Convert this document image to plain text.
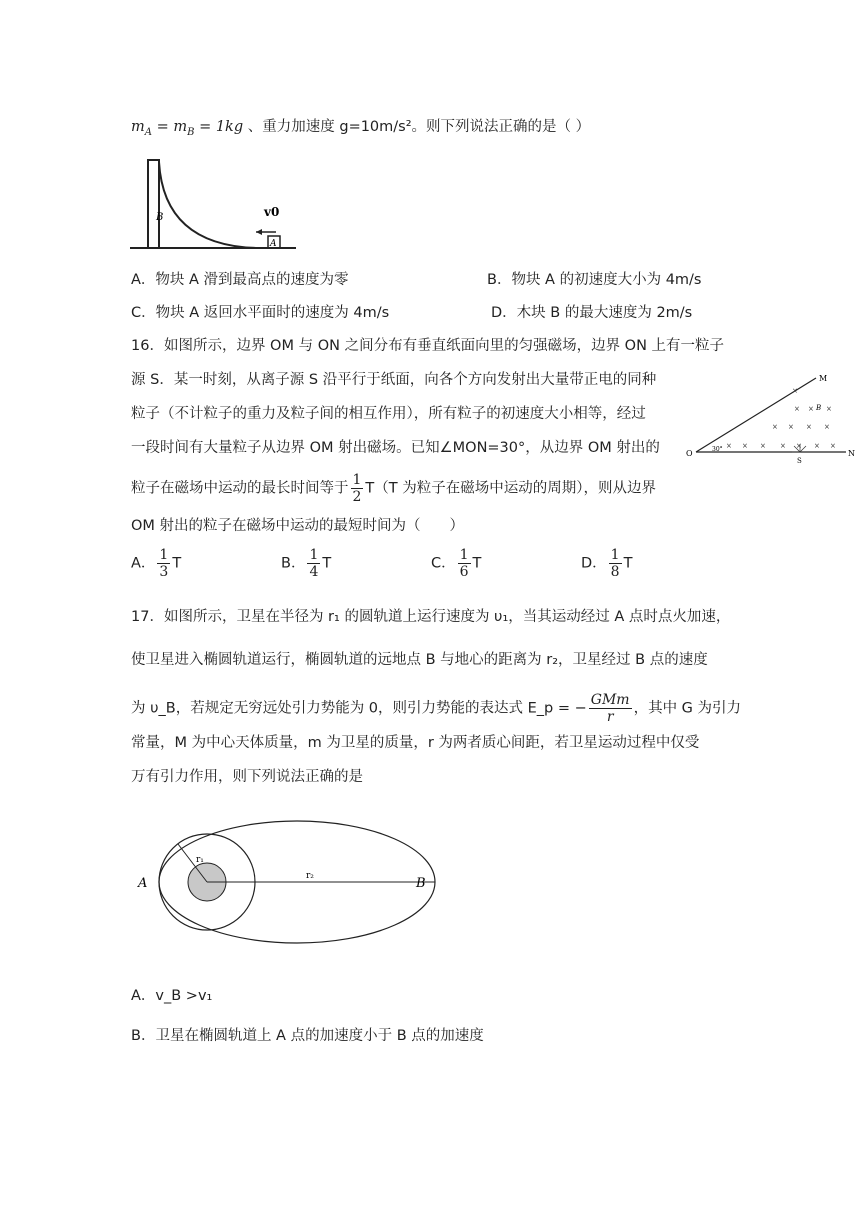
$m_A = m_B = 1kg$ 、重力加速度 g=10m/s²。则下列说法正确的是（ ）
B	v0
A
A．物块 A 滑到最高点的速度为零	B．物块 A 的初速度大小为 4m/s
C．物块 A 返回水平面时的速度为 4m/s	D．木块 B 的最大速度为 2m/s
16．如图所示，边界 OM 与 ON 之间分布有垂直纸面向里的匀强磁场，边界 ON 上有一粒子
源 S．某一时刻，从离子源 S 沿平行于纸面，向各个方向发射出大量带正电的同种
粒子（不计粒子的重力及粒子间的相互作用），所有粒子的初速度大小相等，经过
一段时间有大量粒子从边界 OM 射出磁场。已知∠MON=30°，从边界 OM 射出的
粒子在磁场中运动的最长时间等于 $\frac{1}{2} T(T$ 为粒子在磁场中运动的周期），则从边界
OM 射出的粒子在磁场中运动的最短时间为（　　）
M
O	N
S
B
30°
×
× × ×
× × × ×
× × × × × × ×
A． $\frac{1}{3}$ T	B． $\frac{1}{4}$ T	C． $\frac{1}{6}$ T	D． $\frac{1}{8}$ T
17．如图所示，卫星在半径为 r₁ 的圆轨道上运行速度为 υ₁，当其运动经过 A 点时点火加速，
使卫星进入椭圆轨道运行，椭圆轨道的远地点 B 与地心的距离为 r₂，卫星经过 B 点的速度
为 υ_B，若规定无穷远处引力势能为 0，则引力势能的表达式 E_p = − $\frac{\text{GMm}}{r}$ ，其中 G 为引力
常量，M 为中心天体质量，m 为卫星的质量，r 为两者质心间距，若卫星运动过程中仅受
万有引力作用，则下列说法正确的是
r₁
r₂
A	B
A．v_B >v₁
B．卫星在椭圆轨道上 A 点的加速度小于 B 点的加速度
